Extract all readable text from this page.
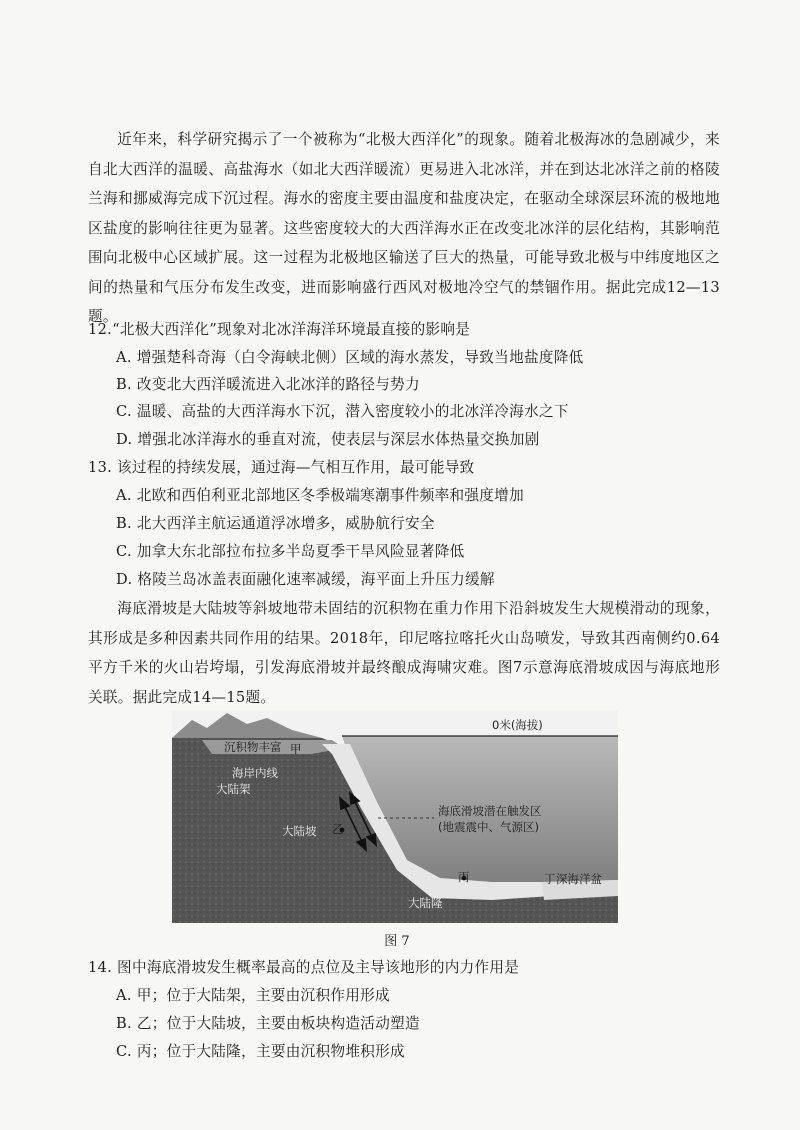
近年来，科学研究揭示了一个被称为“北极大西洋化”的现象。随着北极海冰的急剧减少，来自北大西洋的温暖、高盐海水（如北大西洋暖流）更易进入北冰洋，并在到达北冰洋之前的格陵兰海和挪威海完成下沉过程。海水的密度主要由温度和盐度决定，在驱动全球深层环流的极地地区盐度的影响往往更为显著。这些密度较大的大西洋海水正在改变北冰洋的层化结构，其影响范围向北极中心区域扩展。这一过程为北极地区输送了巨大的热量，可能导致北极与中纬度地区之间的热量和气压分布发生改变，进而影响盛行西风对极地冷空气的禁锢作用。据此完成12—13题。
12.“北极大西洋化”现象对北冰洋海洋环境最直接的影响是
A. 增强楚科奇海（白令海峡北侧）区域的海水蒸发，导致当地盐度降低
B. 改变北大西洋暖流进入北冰洋的路径与势力
C. 温暖、高盐的大西洋海水下沉，潜入密度较小的北冰洋冷海水之下
D. 增强北冰洋海水的垂直对流，使表层与深层水体热量交换加剧
13. 该过程的持续发展，通过海—气相互作用，最可能导致
A. 北欧和西伯利亚北部地区冬季极端寒潮事件频率和强度增加
B. 北大西洋主航运通道浮冰增多，威胁航行安全
C. 加拿大东北部拉布拉多半岛夏季干旱风险显著降低
D. 格陵兰岛冰盖表面融化速率减缓，海平面上升压力缓解
海底滑坡是大陆坡等斜坡地带未固结的沉积物在重力作用下沿斜坡发生大规模滑动的现象，其形成是多种因素共同作用的结果。2018年，印尼喀拉喀托火山岛喷发，导致其西南侧约0.64平方千米的火山岩垮塌，引发海底滑坡并最终酿成海啸灾难。图7示意海底滑坡成因与海底地形关联。据此完成14—15题。
0米(海拔)
沉积物丰富 甲
海岸内线
大陆架
大陆坡 乙
海底滑坡潜在触发区
(地震震中、气源区)
丙	丁 深海洋盆
大陆隆
图 7
14. 图中海底滑坡发生概率最高的点位及主导该地形的内力作用是
A. 甲；位于大陆架，主要由沉积作用形成
B. 乙；位于大陆坡，主要由板块构造活动塑造
C. 丙；位于大陆隆，主要由沉积物堆积形成
